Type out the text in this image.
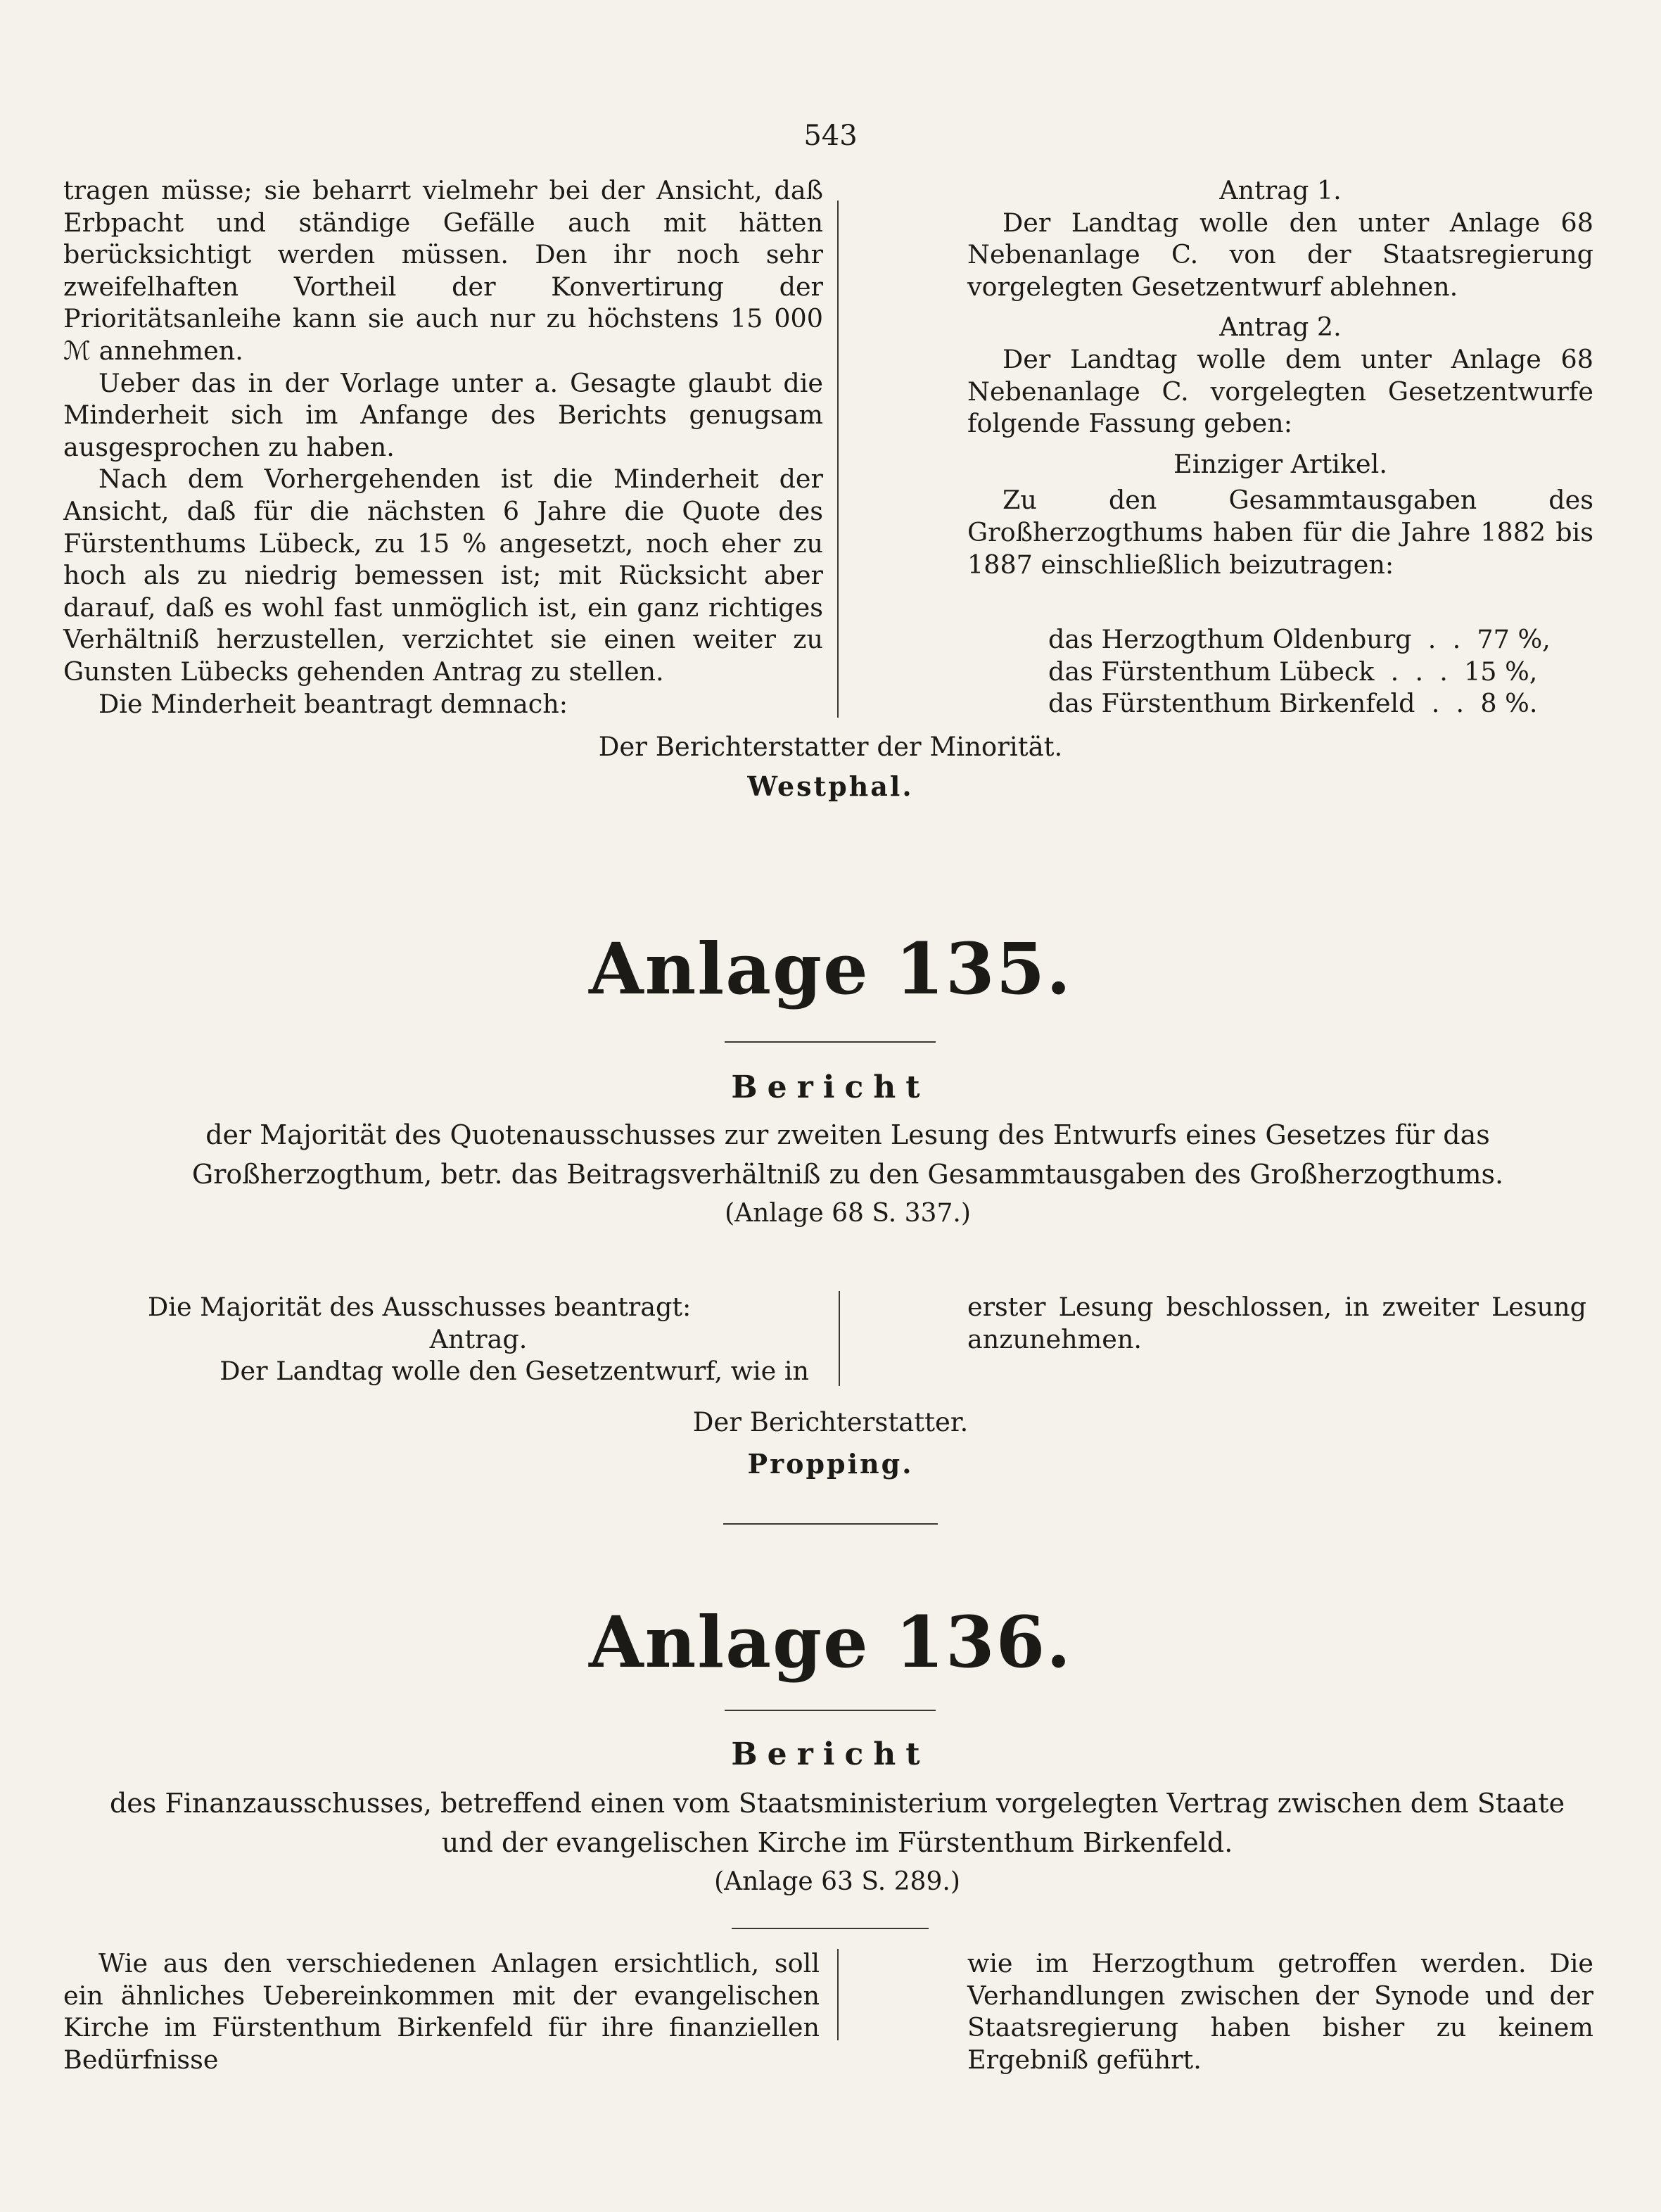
543

tragen müsse; sie beharrt vielmehr bei der Ansicht, daß Erbpacht und ständige Gefälle auch mit hätten berücksichtigt werden müssen. Den ihr noch sehr zweifelhaften Vortheil der Konvertirung der Prioritätsanleihe kann sie auch nur zu höchstens 15 000 ℳ annehmen.

Ueber das in der Vorlage unter a. Gesagte glaubt die Minderheit sich im Anfange des Berichts genugsam ausgesprochen zu haben.

Nach dem Vorhergehenden ist die Minderheit der Ansicht, daß für die nächsten 6 Jahre die Quote des Fürstenthums Lübeck, zu 15 % angesetzt, noch eher zu hoch als zu niedrig bemessen ist; mit Rücksicht aber darauf, daß es wohl fast unmöglich ist, ein ganz richtiges Verhältniß herzustellen, verzichtet sie einen weiter zu Gunsten Lübecks gehenden Antrag zu stellen.

Die Minderheit beantragt demnach:

Antrag 1.

Der Landtag wolle den unter Anlage 68 Nebenanlage C. von der Staatsregierung vorgelegten Gesetzentwurf ablehnen.

Antrag 2.

Der Landtag wolle dem unter Anlage 68 Nebenanlage C. vorgelegten Gesetzentwurfe folgende Fassung geben:

Einziger Artikel.

Zu den Gesammtausgaben des Großherzogthums haben für die Jahre 1882 bis 1887 einschließlich beizutragen:

das Herzogthum Oldenburg .  . 77 %,
das Fürstenthum Lübeck .  .  . 15 %,
das Fürstenthum Birkenfeld .  . 8 %.
Der Berichterstatter der Minorität.
Westphal.
Anlage 135.
Bericht
der Majorität des Quotenausschusses zur zweiten Lesung des Entwurfs eines Gesetzes für das
Großherzogthum, betr. das Beitragsverhältniß zu den Gesammtausgaben des Großherzogthums.
(Anlage 68 S. 337.)

Die Majorität des Ausschusses beantragt:

Antrag.

Der Landtag wolle den Gesetzentwurf, wie in

erster Lesung beschlossen, in zweiter Lesung anzunehmen.

Der Berichterstatter.
Propping.
Anlage 136.
Bericht
des Finanzausschusses, betreffend einen vom Staatsministerium vorgelegten Vertrag zwischen dem Staate
und der evangelischen Kirche im Fürstenthum Birkenfeld.
(Anlage 63 S. 289.)

Wie aus den verschiedenen Anlagen ersichtlich, soll ein ähnliches Uebereinkommen mit der evangelischen Kirche im Fürstenthum Birkenfeld für ihre finanziellen Bedürfnisse

wie im Herzogthum getroffen werden. Die Verhandlungen zwischen der Synode und der Staatsregierung haben bisher zu keinem Ergebniß geführt.
